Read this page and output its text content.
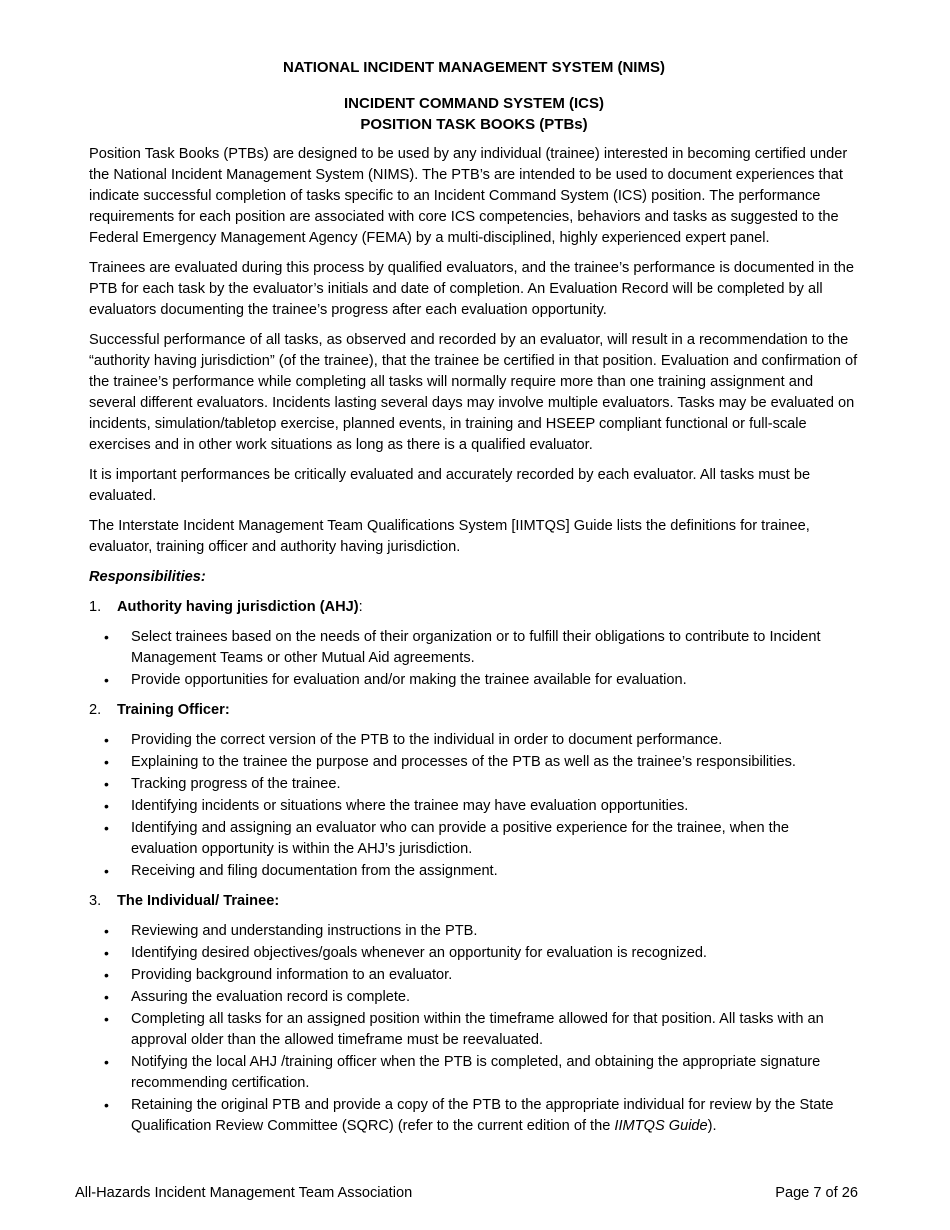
NATIONAL INCIDENT MANAGEMENT SYSTEM (NIMS)
INCIDENT COMMAND SYSTEM (ICS)
POSITION TASK BOOKS (PTBs)

Position Task Books (PTBs) are designed to be used by any individual (trainee) interested in becoming certified under the National Incident Management System (NIMS). The PTB’s are intended to be used to document experiences that indicate successful completion of tasks specific to an Incident Command System (ICS) position. The performance requirements for each position are associated with core ICS competencies, behaviors and tasks as suggested to the Federal Emergency Management Agency (FEMA) by a multi-disciplined, highly experienced expert panel.

Trainees are evaluated during this process by qualified evaluators, and the trainee’s performance is documented in the PTB for each task by the evaluator’s initials and date of completion. An Evaluation Record will be completed by all evaluators documenting the trainee’s progress after each evaluation opportunity.

Successful performance of all tasks, as observed and recorded by an evaluator, will result in a recommendation to the “authority having jurisdiction” (of the trainee), that the trainee be certified in that position. Evaluation and confirmation of the trainee’s performance while completing all tasks will normally require more than one training assignment and several different evaluators. Incidents lasting several days may involve multiple evaluators. Tasks may be evaluated on incidents, simulation/tabletop exercise, planned events, in training and HSEEP compliant functional or full-scale exercises and in other work situations as long as there is a qualified evaluator.

It is important performances be critically evaluated and accurately recorded by each evaluator. All tasks must be evaluated.

The Interstate Incident Management Team Qualifications System [IIMTQS] Guide lists the definitions for trainee, evaluator, training officer and authority having jurisdiction.

Responsibilities:
1.	Authority having jurisdiction (AHJ):
•	Select trainees based on the needs of their organization or to fulfill their obligations to contribute to Incident Management Teams or other Mutual Aid agreements.
•	Provide opportunities for evaluation and/or making the trainee available for evaluation.
2.	Training Officer:
•	Providing the correct version of the PTB to the individual in order to document performance.
•	Explaining to the trainee the purpose and processes of the PTB as well as the trainee’s responsibilities.
•	Tracking progress of the trainee.
•	Identifying incidents or situations where the trainee may have evaluation opportunities.
•	Identifying and assigning an evaluator who can provide a positive experience for the trainee, when the evaluation opportunity is within the AHJ’s jurisdiction.
•	Receiving and filing documentation from the assignment.
3.	The Individual/ Trainee:
•	Reviewing and understanding instructions in the PTB.
•	Identifying desired objectives/goals whenever an opportunity for evaluation is recognized.
•	Providing background information to an evaluator.
•	Assuring the evaluation record is complete.
•	Completing all tasks for an assigned position within the timeframe allowed for that position. All tasks with an approval older than the allowed timeframe must be reevaluated.
•	Notifying the local AHJ /training officer when the PTB is completed, and obtaining the appropriate signature recommending certification.
•	Retaining the original PTB and provide a copy of the PTB to the appropriate individual for review by the State Qualification Review Committee (SQRC) (refer to the current edition of the IIMTQS Guide).
All-Hazards Incident Management Team Association	Page 7 of 26
